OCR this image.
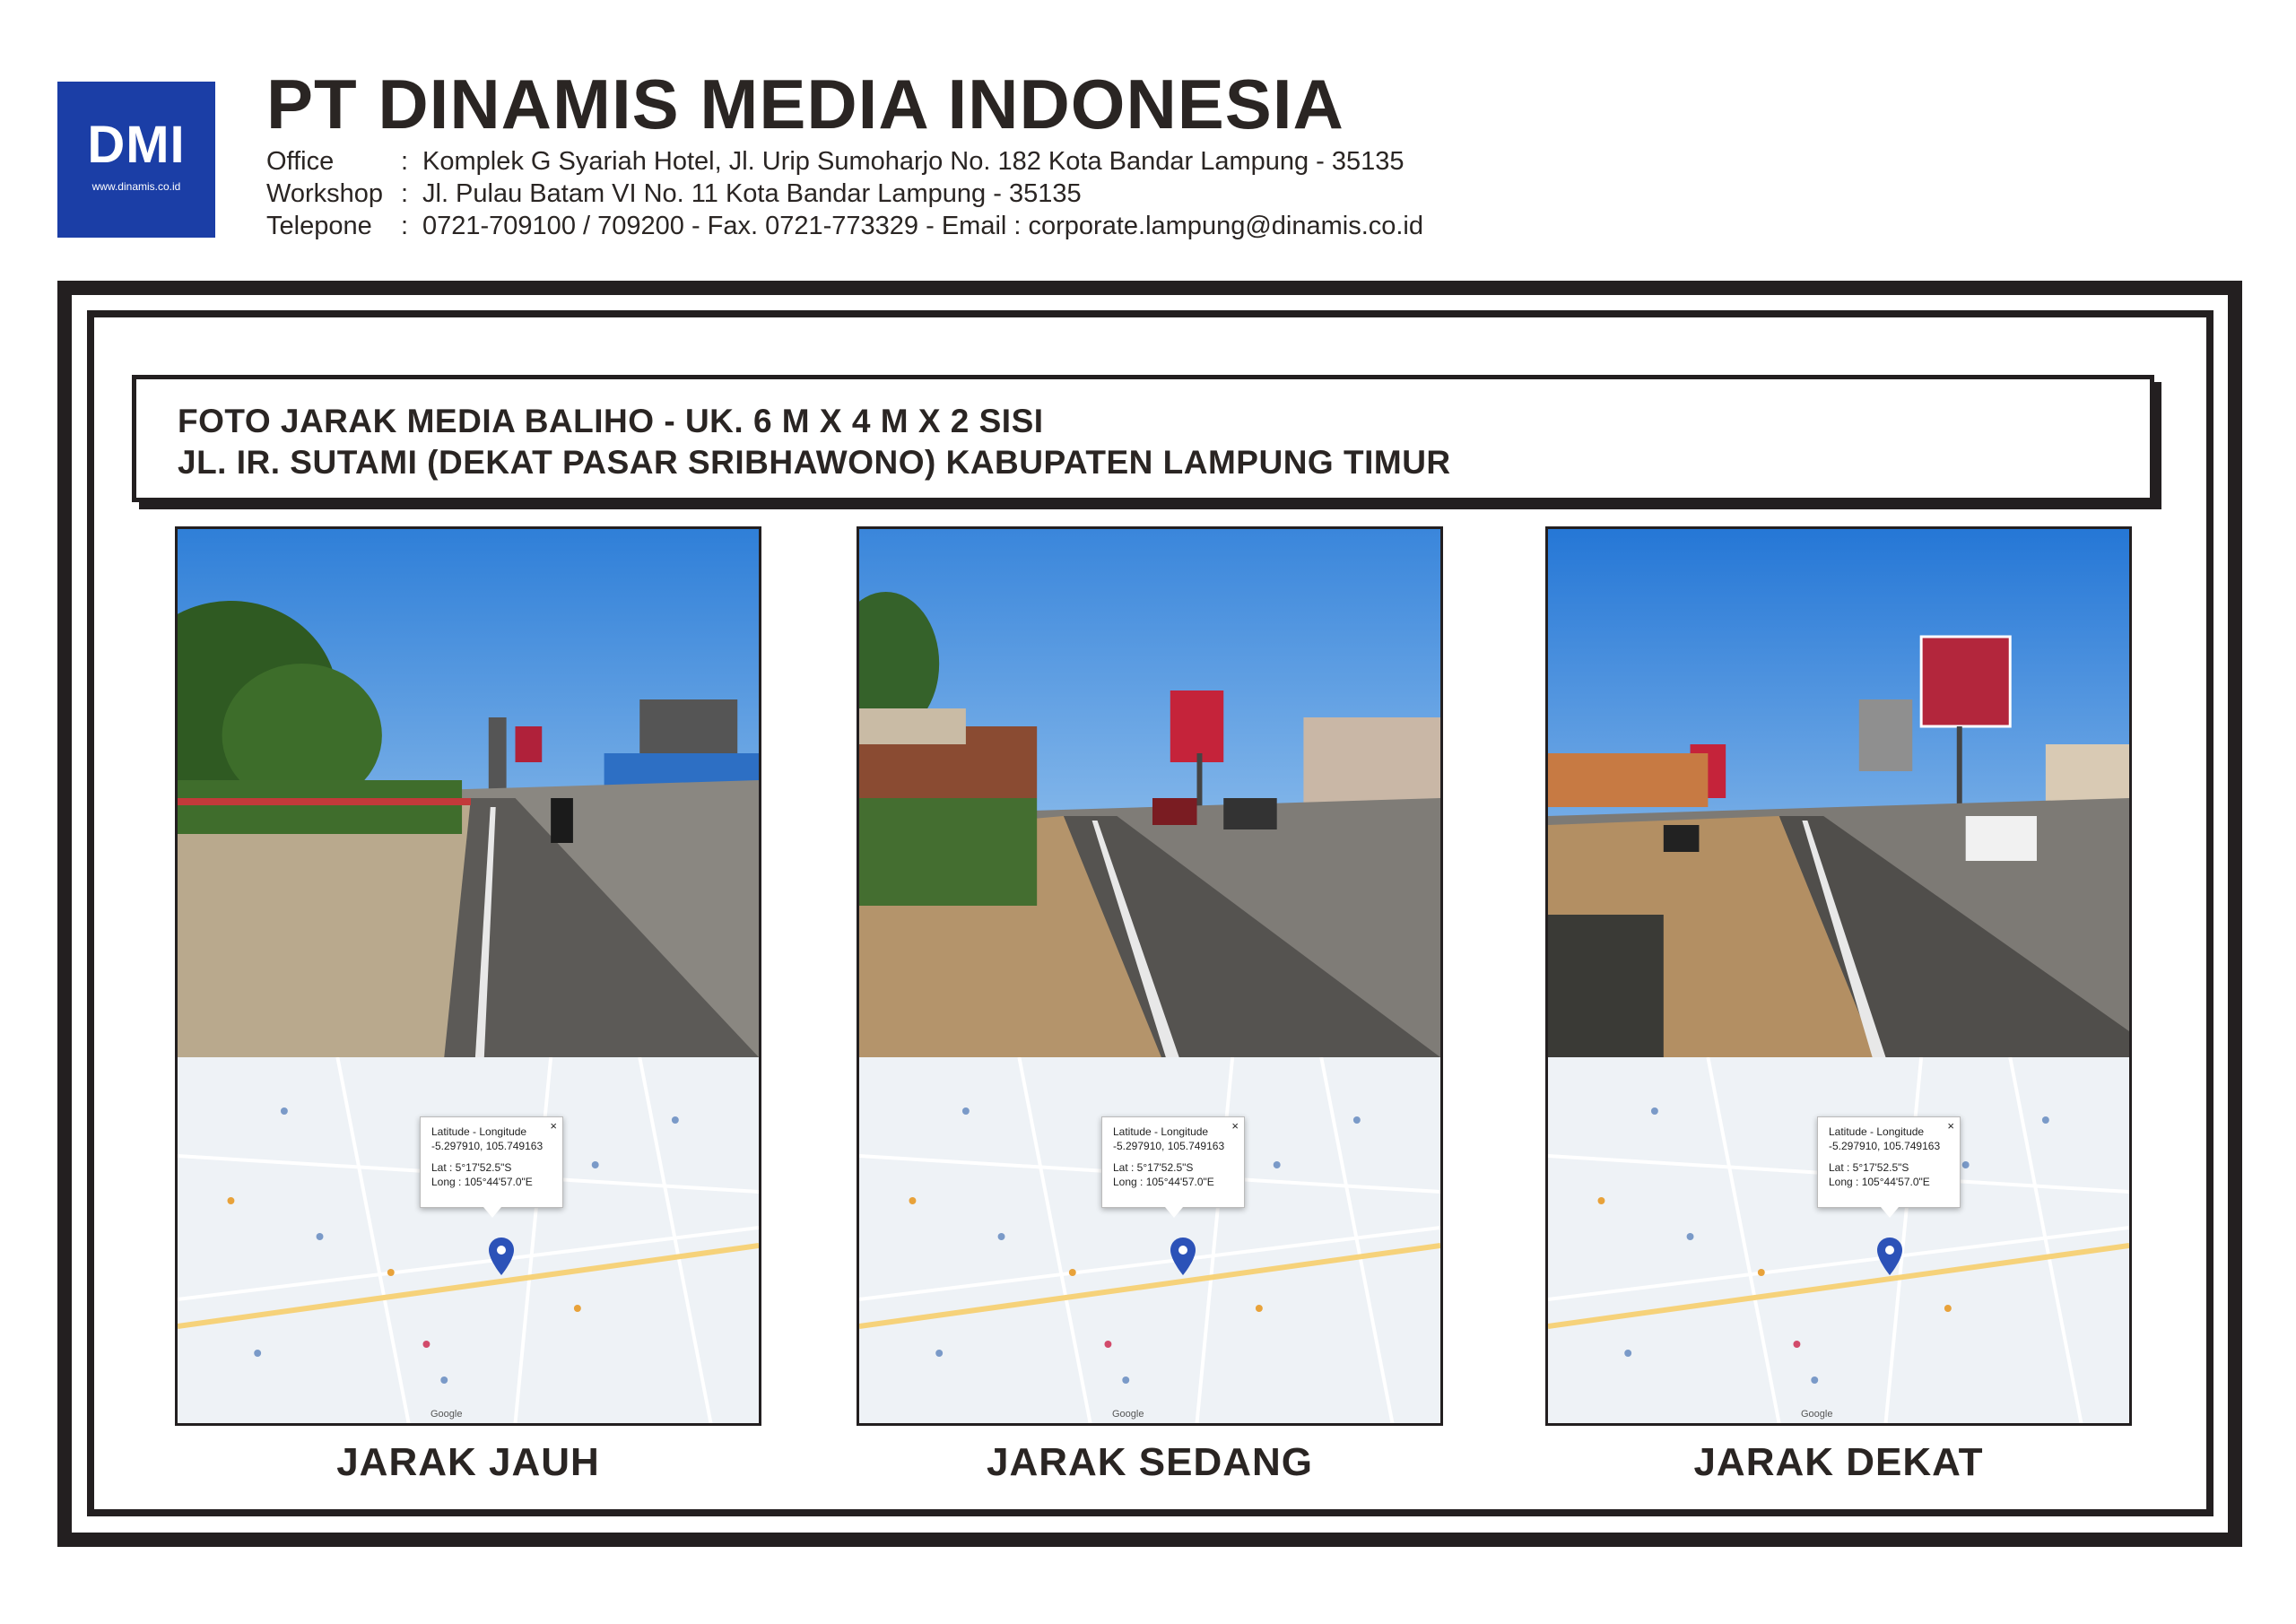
DMI
www.dinamis.co.id
PT DINAMIS MEDIA INDONESIA
Office	: Komplek G Syariah Hotel, Jl. Urip Sumoharjo No. 182 Kota Bandar Lampung - 35135
Workshop : Jl. Pulau Batam VI No. 11 Kota Bandar Lampung - 35135
Telepone	: 0721-709100 / 709200 - Fax. 0721-773329 - Email : corporate.lampung@dinamis.co.id
FOTO JARAK MEDIA BALIHO - UK. 6 M X 4 M X 2 SISI
JL. IR. SUTAMI (DEKAT PASAR SRIBHAWONO) KABUPATEN LAMPUNG TIMUR
×
Latitude - Longitude
-5.297910, 105.749163
Lat : 5°17'52.5"S
Long : 105°44'57.0"E
Google
×
Latitude - Longitude
-5.297910, 105.749163
Lat : 5°17'52.5"S
Long : 105°44'57.0"E
Google
×
Latitude - Longitude
-5.297910, 105.749163
Lat : 5°17'52.5"S
Long : 105°44'57.0"E
Google
JARAK JAUH	JARAK SEDANG	JARAK DEKAT
